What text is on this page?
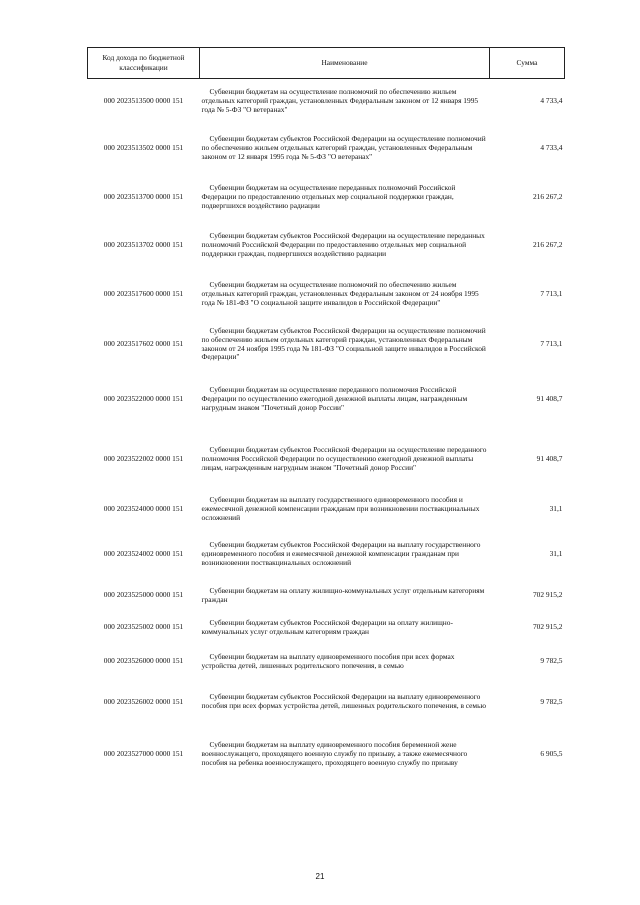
Код дохода по бюджетной классификации	Наименование	Сумма
000 2023513500 0000 151	Субвенции бюджетам на осуществление полномочий по обеспечению жильем отдельных категорий граждан, установленных Федеральным законом от 12 января 1995 года № 5-ФЗ "О ветеранах"	4 733,4
000 2023513502 0000 151	Субвенции бюджетам субъектов Российской Федерации на осуществление полномочий по обеспечению жильем отдельных категорий граждан, установленных Федеральным законом от 12 января 1995 года № 5-ФЗ "О ветеранах"	4 733,4
000 2023513700 0000 151	Субвенции бюджетам на осуществление переданных полномочий Российской Федерации по предоставлению отдельных мер социальной поддержки граждан, подвергшихся воздействию радиации	216 267,2
000 2023513702 0000 151	Субвенции бюджетам субъектов Российской Федерации на осуществление переданных полномочий Российской Федерации по предоставлению отдельных мер социальной поддержки граждан, подвергшихся воздействию радиации	216 267,2
000 2023517600 0000 151	Субвенции бюджетам на осуществление полномочий по обеспечению жильем отдельных категорий граждан, установленных Федеральным законом от 24 ноября 1995 года № 181-ФЗ "О социальной защите инвалидов в Российской Федерации"	7 713,1
000 2023517602 0000 151	Субвенции бюджетам субъектов Российской Федерации на осуществление полномочий по обеспечению жильем отдельных категорий граждан, установленных Федеральным законом от 24 ноября 1995 года № 181-ФЗ "О социальной защите инвалидов в Российской Федерации"	7 713,1
000 2023522000 0000 151	Субвенции бюджетам на осуществление переданного полномочия Российской Федерации по осуществлению ежегодной денежной выплаты лицам, награжденным нагрудным знаком "Почетный донор России"	91 408,7
000 2023522002 0000 151	Субвенции бюджетам субъектов Российской Федерации на осуществление переданного полномочия Российской Федерации по осуществлению ежегодной денежной выплаты лицам, награжденным нагрудным знаком "Почетный донор России"	91 408,7
000 2023524000 0000 151	Субвенции бюджетам на выплату государственного единовременного пособия и ежемесячной денежной компенсации гражданам при возникновении поствакцинальных осложнений	31,1
000 2023524002 0000 151	Субвенции бюджетам субъектов Российской Федерации на выплату государственного единовременного пособия и ежемесячной денежной компенсации гражданам при возникновении поствакцинальных осложнений	31,1
000 2023525000 0000 151	Субвенции бюджетам на оплату жилищно-коммунальных услуг отдельным категориям граждан	702 915,2
000 2023525002 0000 151	Субвенции бюджетам субъектов Российской Федерации на оплату жилищно-коммунальных услуг отдельным категориям граждан	702 915,2
000 2023526000 0000 151	Субвенции бюджетам на выплату единовременного пособия при всех формах устройства детей, лишенных родительского попечения, в семью	9 782,5
000 2023526002 0000 151	Субвенции бюджетам субъектов Российской Федерации на выплату единовременного пособия при всех формах устройства детей, лишенных родительского попечения, в семью	9 782,5
000 2023527000 0000 151	Субвенции бюджетам на выплату единовременного пособия беременной жене военнослужащего, проходящего военную службу по призыву, а также ежемесячного пособия на ребенка военнослужащего, проходящего военную службу по призыву	6 905,5
21
